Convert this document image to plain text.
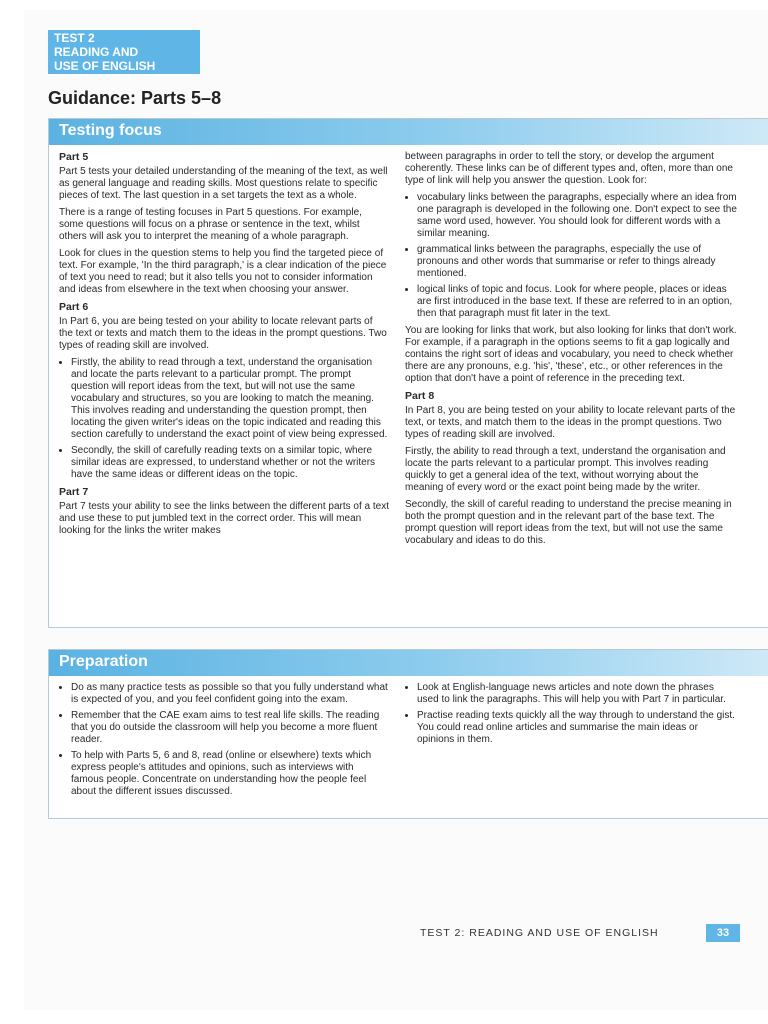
TEST 2
READING AND
USE OF ENGLISH
Guidance: Parts 5–8
Testing focus
Part 5

Part 5 tests your detailed understanding of the meaning of the text, as well as general language and reading skills. Most questions relate to specific pieces of text. The last question in a set targets the text as a whole.

There is a range of testing focuses in Part 5 questions. For example, some questions will focus on a phrase or sentence in the text, whilst others will ask you to interpret the meaning of a whole paragraph.

Look for clues in the question stems to help you find the targeted piece of text. For example, 'In the third paragraph,' is a clear indication of the piece of text you need to read; but it also tells you not to consider information and ideas from elsewhere in the text when choosing your answer.

Part 6

In Part 6, you are being tested on your ability to locate relevant parts of the text or texts and match them to the ideas in the prompt questions. Two types of reading skill are involved.

• Firstly, the ability to read through a text, understand the organisation and locate the parts relevant to a particular prompt. The prompt question will report ideas from the text, but will not use the same vocabulary and structures, so you are looking to match the meaning. This involves reading and understanding the question prompt, then locating the given writer's ideas on the topic indicated and reading this section carefully to understand the exact point of view being expressed.
• Secondly, the skill of carefully reading texts on a similar topic, where similar ideas are expressed, to understand whether or not the writers have the same ideas or different ideas on the topic.
Part 7

Part 7 tests your ability to see the links between the different parts of a text and use these to put jumbled text in the correct order. This will mean looking for the links the writer makes

between paragraphs in order to tell the story, or develop the argument coherently. These links can be of different types and, often, more than one type of link will help you answer the question. Look for:

• vocabulary links between the paragraphs, especially where an idea from one paragraph is developed in the following one. Don't expect to see the same word used, however. You should look for different words with a similar meaning.
• grammatical links between the paragraphs, especially the use of pronouns and other words that summarise or refer to things already mentioned.
• logical links of topic and focus. Look for where people, places or ideas are first introduced in the base text. If these are referred to in an option, then that paragraph must fit later in the text.

You are looking for links that work, but also looking for links that don't work. For example, if a paragraph in the options seems to fit a gap logically and contains the right sort of ideas and vocabulary, you need to check whether there are any pronouns, e.g. 'his', 'these', etc., or other references in the option that don't have a point of reference in the preceding text.

Part 8

In Part 8, you are being tested on your ability to locate relevant parts of the text, or texts, and match them to the ideas in the prompt questions. Two types of reading skill are involved.

Firstly, the ability to read through a text, understand the organisation and locate the parts relevant to a particular prompt. This involves reading quickly to get a general idea of the text, without worrying about the meaning of every word or the exact point being made by the writer.

Secondly, the skill of careful reading to understand the precise meaning in both the prompt question and in the relevant part of the base text. The prompt question will report ideas from the text, but will not use the same vocabulary and ideas to do this.

Preparation
• Do as many practice tests as possible so that you fully understand what is expected of you, and you feel confident going into the exam.
• Remember that the CAE exam aims to test real life skills. The reading that you do outside the classroom will help you become a more fluent reader.
• To help with Parts 5, 6 and 8, read (online or elsewhere) texts which express people's attitudes and opinions, such as interviews with famous people. Concentrate on understanding how the people feel about the different issues discussed.
• Look at English-language news articles and note down the phrases used to link the paragraphs. This will help you with Part 7 in particular.
• Practise reading texts quickly all the way through to understand the gist. You could read online articles and summarise the main ideas or opinions in them.
TEST 2: READING AND USE OF ENGLISH	33
